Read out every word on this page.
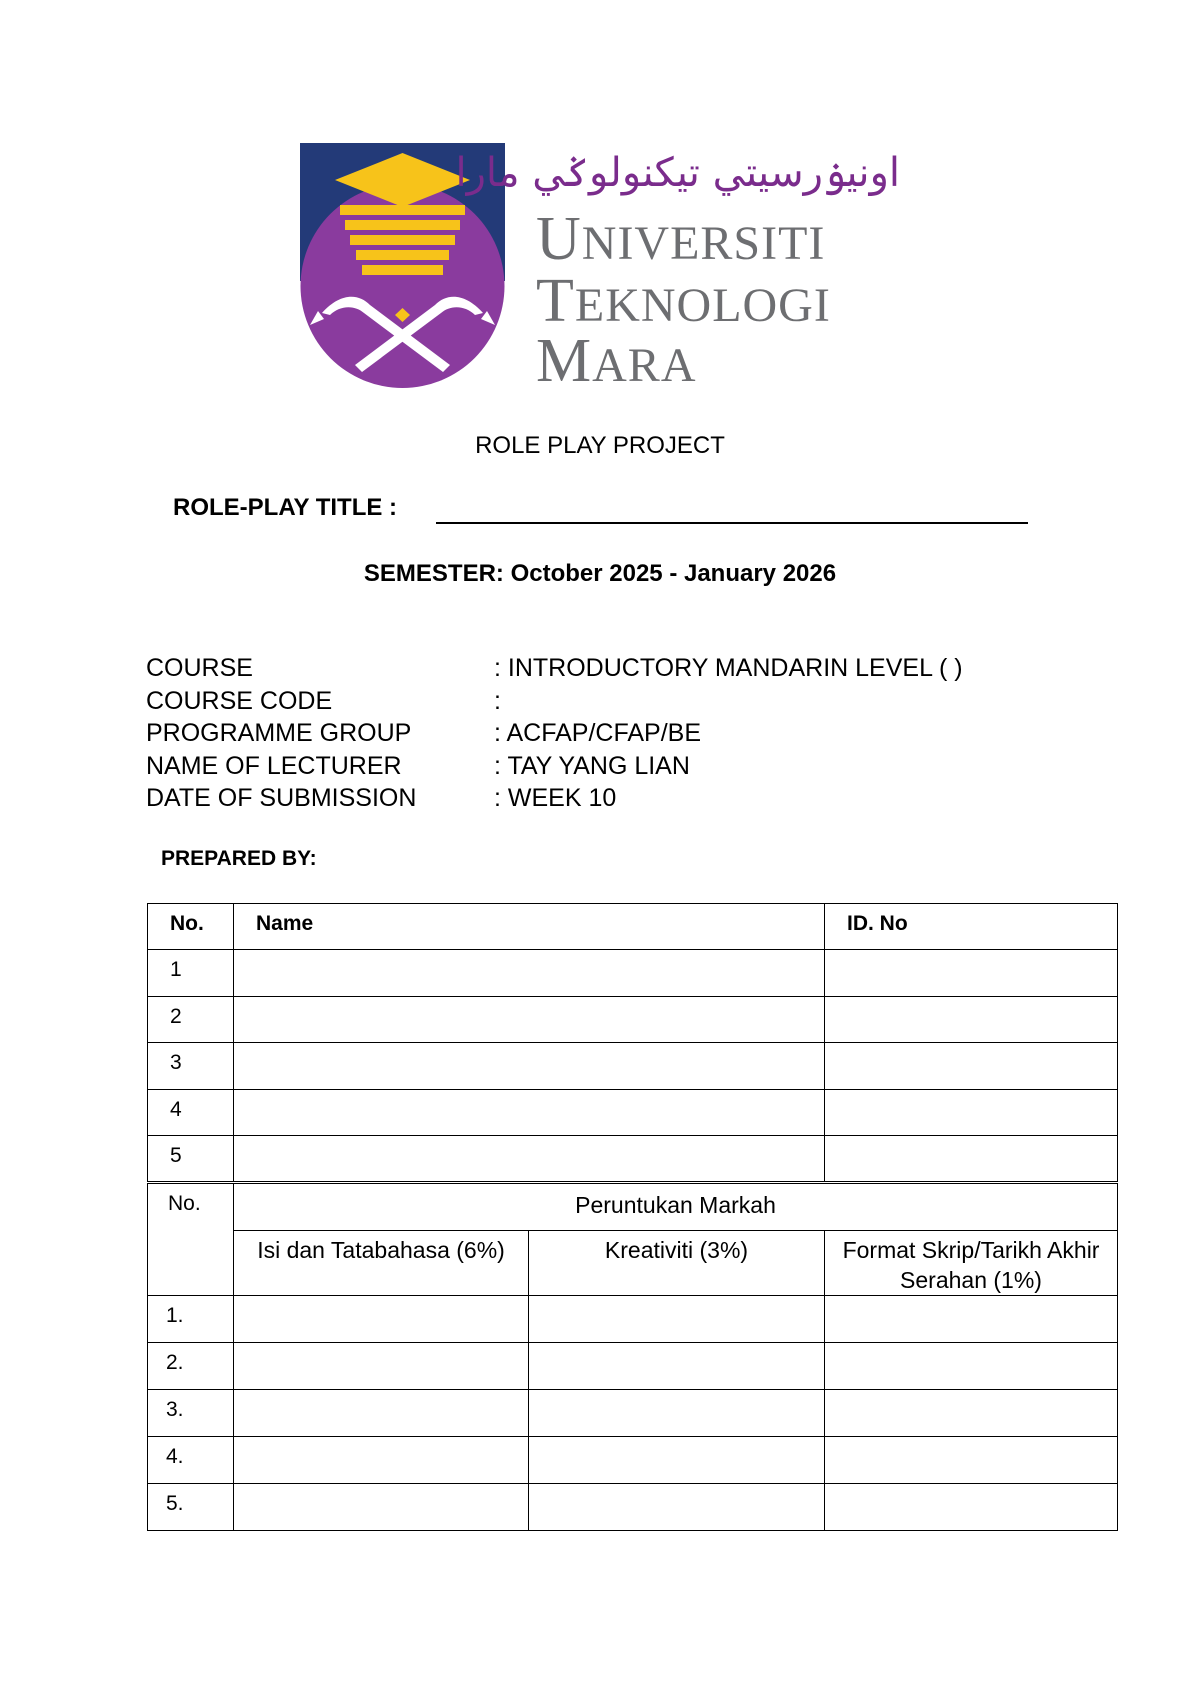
اونيۏرسيتي تيكنولوݢي مارا
UNIVERSITI
TEKNOLOGI
MARA
ROLE PLAY PROJECT
ROLE-PLAY TITLE :
SEMESTER: October 2025 - January 2026
COURSE	: INTRODUCTORY MANDARIN LEVEL ( )
COURSE CODE	:
PROGRAMME GROUP	: ACFAP/CFAP/BE
NAME OF LECTURER	: TAY YANG LIAN
DATE OF SUBMISSION	: WEEK 10
PREPARED BY:
No.	Name	ID. No

1		

2		

3		

4		

5		

No.	Peruntukan Markah		

	Isi dan Tatabahasa (6%)	Kreativiti (3%)	Format Skrip/Tarikh Akhir Serahan (1%)

1.			

2.			

3.			

4.			

5.			
